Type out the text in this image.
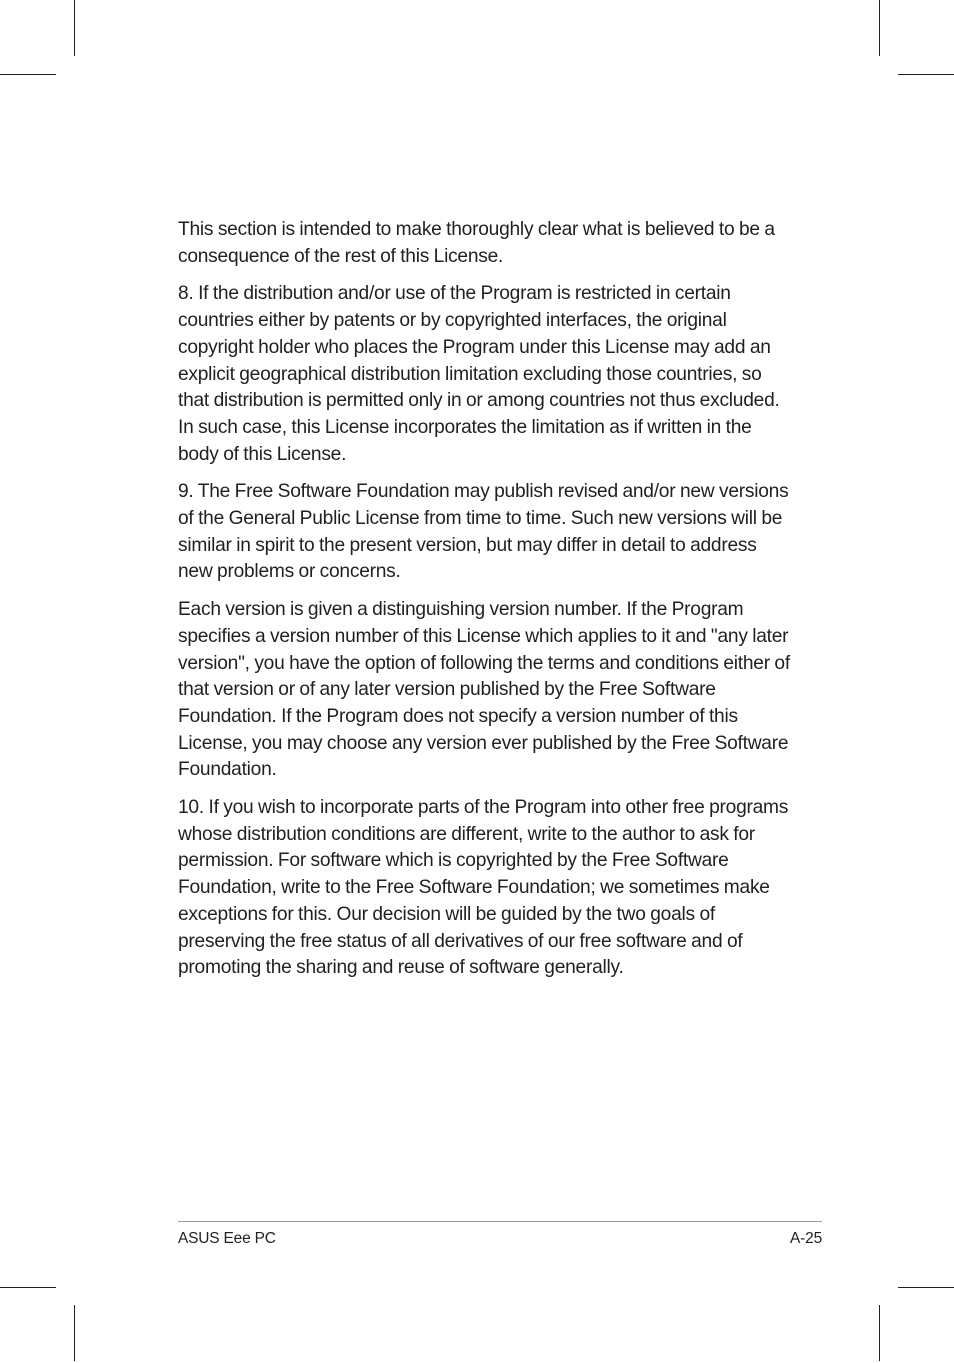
This section is intended to make thoroughly clear what is believed to be a consequence of the rest of this License.

8. If the distribution and/or use of the Program is restricted in certain countries either by patents or by copyrighted interfaces, the original copyright holder who places the Program under this License may add an explicit geographical distribution limitation excluding those countries, so that distribution is permitted only in or among countries not thus excluded. In such case, this License incorporates the limitation as if written in the body of this License.

9. The Free Software Foundation may publish revised and/or new versions of the General Public License from time to time. Such new versions will be similar in spirit to the present version, but may differ in detail to address new problems or concerns.

Each version is given a distinguishing version number. If the Program specifies a version number of this License which applies to it and "any later version", you have the option of following the terms and conditions either of that version or of any later version published by the Free Software Foundation. If the Program does not specify a version number of this License, you may choose any version ever published by the Free Software Foundation.

10. If you wish to incorporate parts of the Program into other free programs whose distribution conditions are different, write to the author to ask for permission. For software which is copyrighted by the Free Software Foundation, write to the Free Software Foundation; we sometimes make exceptions for this. Our decision will be guided by the two goals of preserving the free status of all derivatives of our free software and of promoting the sharing and reuse of software generally.

ASUS Eee PC	A-25
